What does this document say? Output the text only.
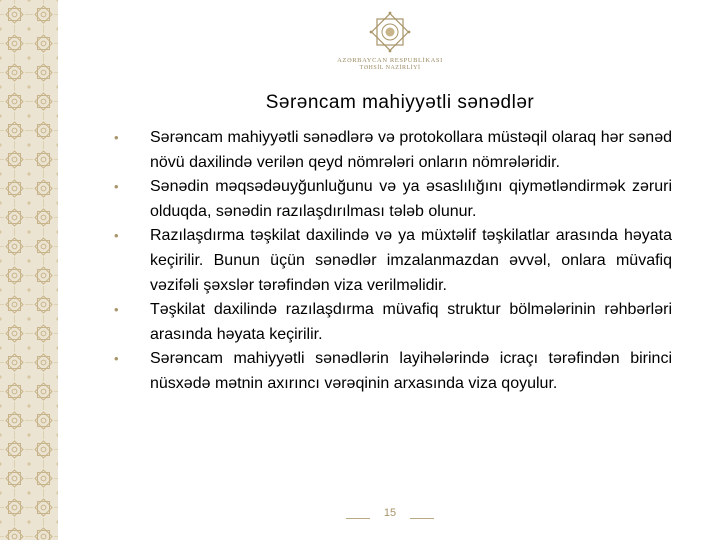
AZƏRBAYCAN RESPUBLİKASI
TƏHSİL NAZİRLİYİ
Sərəncam mahiyyətli sənədlər
• Sərəncam mahiyyətli sənədlərə və protokollara müstəqil olaraq hər sənəd növü daxilində verilən qeyd nömrələri onların nömrələridir.
• Sənədin məqsədəuyğunluğunu və ya əsaslılığını qiymətləndirmək zəruri olduqda, sənədin razılaşdırılması tələb olunur.
• Razılaşdırma təşkilat daxilində və ya müxtəlif təşkilatlar arasında həyata keçirilir. Bunun üçün sənədlər imzalanmazdan əvvəl, onlara müvafiq vəzifəli şəxslər tərəfindən viza verilməlidir.
• Təşkilat daxilində razılaşdırma müvafiq struktur bölmələrinin rəhbərləri arasında həyata keçirilir.
• Sərəncam mahiyyətli sənədlərin layihələrində icraçı tərəfindən birinci nüsxədə mətnin axırıncı vərəqinin arxasında viza qoyulur.
15
